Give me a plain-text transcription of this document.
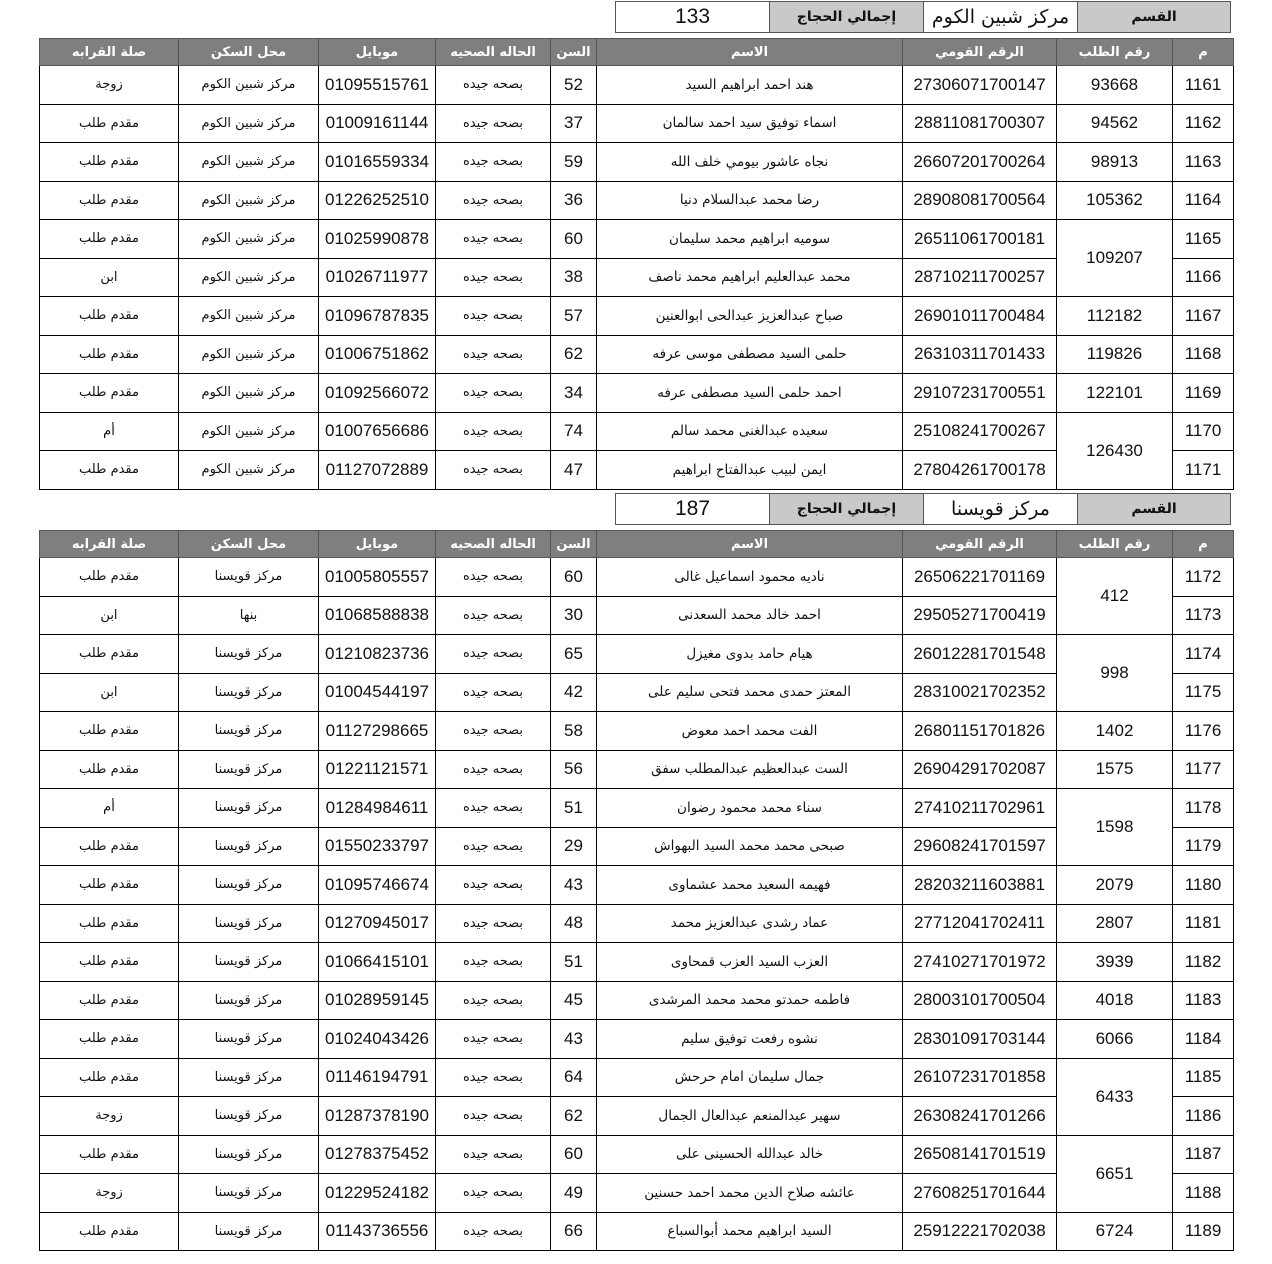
133	إجمالي الحجاج	مركز شبين الكوم	القسم
م	رقم الطلب	الرقم القومي	الاسم	السن	الحاله الصحيه	موبايل	محل السكن	صلة القرابه
1161	93668	27306071700147	هند احمد ابراهيم السيد	52	بصحه جيده	01095515761	مركز شبين الكوم	زوجة
1162	94562	28811081700307	اسماء توفيق سيد احمد سالمان	37	بصحه جيده	01009161144	مركز شبين الكوم	مقدم طلب
1163	98913	26607201700264	نجاه عاشور بيومي خلف الله	59	بصحه جيده	01016559334	مركز شبين الكوم	مقدم طلب
1164	105362	28908081700564	رضا محمد عبدالسلام دنيا	36	بصحه جيده	01226252510	مركز شبين الكوم	مقدم طلب
1165	109207	26511061700181	سوميه ابراهيم محمد سليمان	60	بصحه جيده	01025990878	مركز شبين الكوم	مقدم طلب
1166		28710211700257	محمد عبدالعليم ابراهيم محمد ناصف	38	بصحه جيده	01026711977	مركز شبين الكوم	ابن
1167	112182	26901011700484	صباح عبدالعزيز عبدالحى ابوالعنين	57	بصحه جيده	01096787835	مركز شبين الكوم	مقدم طلب
1168	119826	26310311701433	حلمى السيد مصطفى موسى عرفه	62	بصحه جيده	01006751862	مركز شبين الكوم	مقدم طلب
1169	122101	29107231700551	احمد حلمى السيد مصطفى عرفه	34	بصحه جيده	01092566072	مركز شبين الكوم	مقدم طلب
1170	126430	25108241700267	سعيده عبدالغنى محمد سالم	74	بصحه جيده	01007656686	مركز شبين الكوم	أم
1171		27804261700178	ايمن لبيب عبدالفتاح ابراهيم	47	بصحه جيده	01127072889	مركز شبين الكوم	مقدم طلب
187	إجمالي الحجاج	مركز قويسنا	القسم
م	رقم الطلب	الرقم القومي	الاسم	السن	الحاله الصحيه	موبايل	محل السكن	صلة القرابه
1172	412	26506221701169	ناديه محمود اسماعيل غالى	60	بصحه جيده	01005805557	مركز قويسنا	مقدم طلب
1173		29505271700419	احمد خالد محمد السعدنى	30	بصحه جيده	01068588838	بنها	ابن
1174	998	26012281701548	هيام حامد بدوى مغيزل	65	بصحه جيده	01210823736	مركز قويسنا	مقدم طلب
1175		28310021702352	المعتز حمدى محمد فتحى سليم على	42	بصحه جيده	01004544197	مركز قويسنا	ابن
1176	1402	26801151701826	الفت محمد احمد معوض	58	بصحه جيده	01127298665	مركز قويسنا	مقدم طلب
1177	1575	26904291702087	الست عبدالعظيم عبدالمطلب سفق	56	بصحه جيده	01221121571	مركز قويسنا	مقدم طلب
1178	1598	27410211702961	سناء محمد محمود رضوان	51	بصحه جيده	01284984611	مركز قويسنا	أم
1179		29608241701597	صبحى محمد محمد السيد البهواش	29	بصحه جيده	01550233797	مركز قويسنا	مقدم طلب
1180	2079	28203211603881	فهيمه السعيد محمد عشماوى	43	بصحه جيده	01095746674	مركز قويسنا	مقدم طلب
1181	2807	27712041702411	عماد رشدى عبدالعزيز محمد	48	بصحه جيده	01270945017	مركز قويسنا	مقدم طلب
1182	3939	27410271701972	العزب السيد العزب قمحاوى	51	بصحه جيده	01066415101	مركز قويسنا	مقدم طلب
1183	4018	28003101700504	فاطمه حمدتو محمد محمد المرشدى	45	بصحه جيده	01028959145	مركز قويسنا	مقدم طلب
1184	6066	28301091703144	نشوه رفعت توفيق سليم	43	بصحه جيده	01024043426	مركز قويسنا	مقدم طلب
1185	6433	26107231701858	جمال سليمان امام حرحش	64	بصحه جيده	01146194791	مركز قويسنا	مقدم طلب
1186		26308241701266	سهير عبدالمنعم عبدالعال الجمال	62	بصحه جيده	01287378190	مركز قويسنا	زوجة
1187	6651	26508141701519	خالد عبدالله الحسينى على	60	بصحه جيده	01278375452	مركز قويسنا	مقدم طلب
1188		27608251701644	عائشه صلاح الدين محمد احمد حسنين	49	بصحه جيده	01229524182	مركز قويسنا	زوجة
1189	6724	25912221702038	السيد ابراهيم محمد أبوالسباع	66	بصحه جيده	01143736556	مركز قويسنا	مقدم طلب
